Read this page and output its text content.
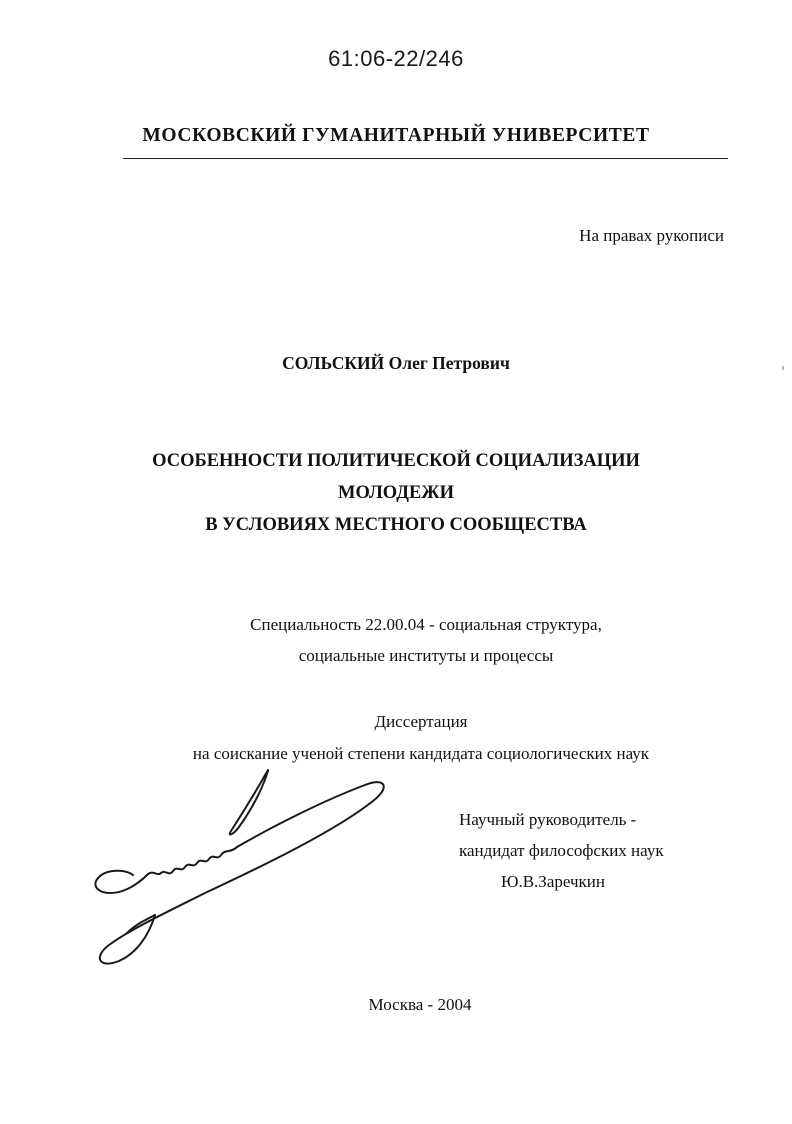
61:06-22/246
МОСКОВСКИЙ ГУМАНИТАРНЫЙ УНИВЕРСИТЕТ
На правах рукописи
СОЛЬСКИЙ Олег Петрович
ОСОБЕННОСТИ ПОЛИТИЧЕСКОЙ СОЦИАЛИЗАЦИИ
МОЛОДЕЖИ
В УСЛОВИЯХ МЕСТНОГО СООБЩЕСТВА
Специальность 22.00.04 - социальная структура,
социальные институты и процессы
Диссертация
на соискание ученой степени кандидата социологических наук
Научный руководитель -
кандидат философских наук
Ю.В.Заречкин
Москва - 2004
